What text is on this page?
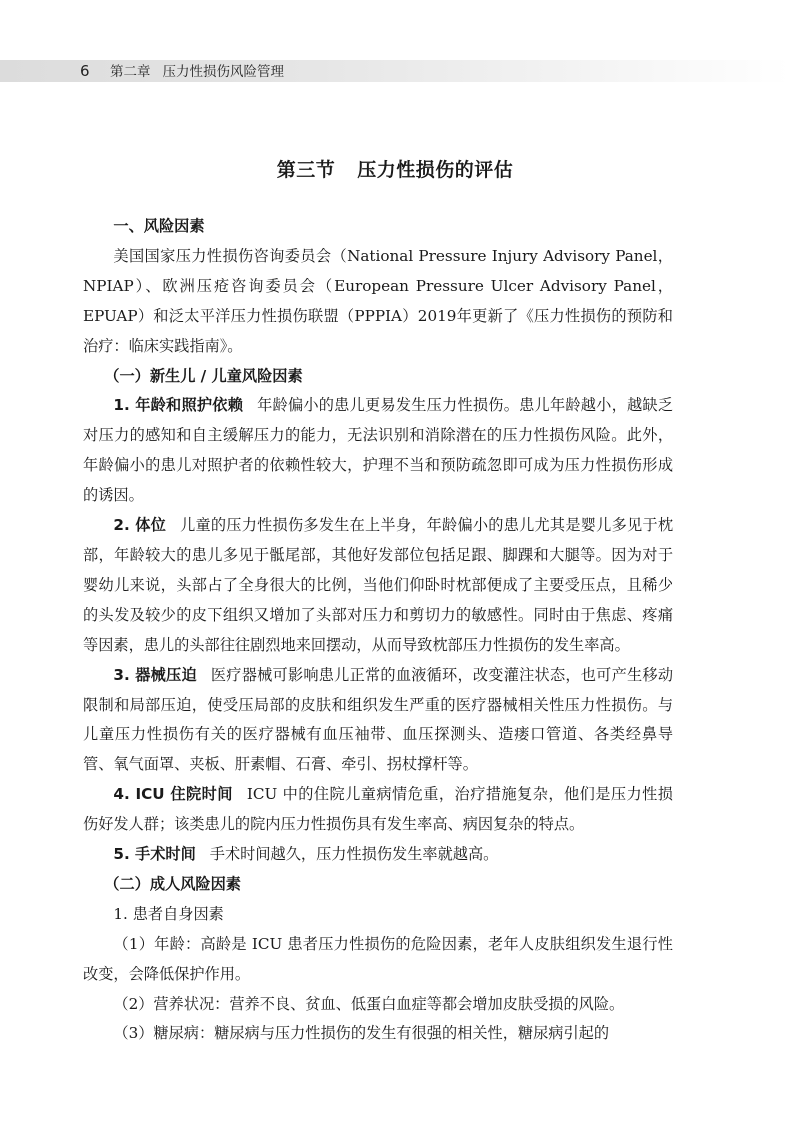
6 第二章 压力性损伤风险管理
第三节 压力性损伤的评估

一、风险因素

美国国家压力性损伤咨询委员会（National Pressure Injury Advisory Panel，NPIAP）、欧洲压疮咨询委员会（European Pressure Ulcer Advisory Panel，EPUAP）和泛太平洋压力性损伤联盟（PPPIA）2019年更新了《压力性损伤的预防和治疗：临床实践指南》。

（一）新生儿 / 儿童风险因素

1. 年龄和照护依赖 年龄偏小的患儿更易发生压力性损伤。患儿年龄越小，越缺乏对压力的感知和自主缓解压力的能力，无法识别和消除潜在的压力性损伤风险。此外，年龄偏小的患儿对照护者的依赖性较大，护理不当和预防疏忽即可成为压力性损伤形成的诱因。

2. 体位 儿童的压力性损伤多发生在上半身，年龄偏小的患儿尤其是婴儿多见于枕部，年龄较大的患儿多见于骶尾部，其他好发部位包括足跟、脚踝和大腿等。因为对于婴幼儿来说，头部占了全身很大的比例，当他们仰卧时枕部便成了主要受压点，且稀少的头发及较少的皮下组织又增加了头部对压力和剪切力的敏感性。同时由于焦虑、疼痛等因素，患儿的头部往往剧烈地来回摆动，从而导致枕部压力性损伤的发生率高。

3. 器械压迫 医疗器械可影响患儿正常的血液循环，改变灌注状态，也可产生移动限制和局部压迫，使受压局部的皮肤和组织发生严重的医疗器械相关性压力性损伤。与儿童压力性损伤有关的医疗器械有血压袖带、血压探测头、造瘘口管道、各类经鼻导管、氧气面罩、夹板、肝素帽、石膏、牵引、拐杖撑杆等。

4. ICU 住院时间 ICU 中的住院儿童病情危重，治疗措施复杂，他们是压力性损伤好发人群；该类患儿的院内压力性损伤具有发生率高、病因复杂的特点。

5. 手术时间 手术时间越久，压力性损伤发生率就越高。

（二）成人风险因素

1. 患者自身因素

（1）年龄：高龄是 ICU 患者压力性损伤的危险因素，老年人皮肤组织发生退行性改变，会降低保护作用。

（2）营养状况：营养不良、贫血、低蛋白血症等都会增加皮肤受损的风险。

（3）糖尿病：糖尿病与压力性损伤的发生有很强的相关性，糖尿病引起的
